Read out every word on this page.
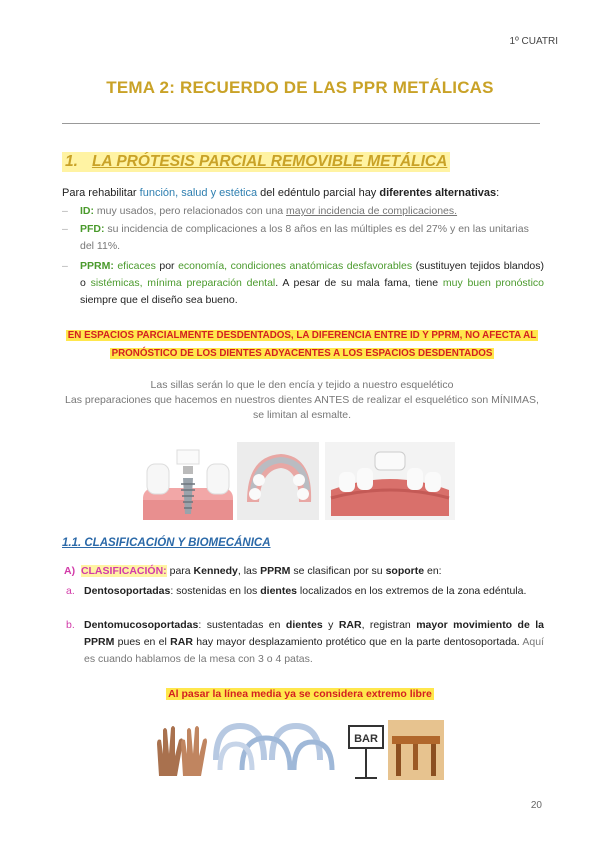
1º CUATRI
TEMA 2: RECUERDO DE LAS PPR METÁLICAS
1. LA PRÓTESIS PARCIAL REMOVIBLE METÁLICA
Para rehabilitar función, salud y estética del edéntulo parcial hay diferentes alternativas:
– ID: muy usados, pero relacionados con una mayor incidencia de complicaciones.
– PFD: su incidencia de complicaciones a los 8 años en las múltiples es del 27% y en las unitarias del 11%.
– PPRM: eficaces por economía, condiciones anatómicas desfavorables (sustituyen tejidos blandos) o sistémicas, mínima preparación dental. A pesar de su mala fama, tiene muy buen pronóstico siempre que el diseño sea bueno.
EN ESPACIOS PARCIALMENTE DESDENTADOS, LA DIFERENCIA ENTRE ID Y PPRM, NO AFECTA AL
PRONÓSTICO DE LOS DIENTES ADYACENTES A LOS ESPACIOS DESDENTADOS
Las sillas serán lo que le den encía y tejido a nuestro esquelético
Las preparaciones que hacemos en nuestros dientes ANTES de realizar el esquelético son MÍNIMAS, se limitan al esmalte.
1.1. CLASIFICACIÓN Y BIOMECÁNICA
A) CLASIFICACIÓN: para Kennedy, las PPRM se clasifican por su soporte en:
a. Dentosoportadas: sostenidas en los dientes localizados en los extremos de la zona edéntula.
b. Dentomucosoportadas: sustentadas en dientes y RAR, registran mayor movimiento de la PPRM pues en el RAR hay mayor desplazamiento protético que en la parte dentosoportada. Aquí es cuando hablamos de la mesa con 3 o 4 patas.
Al pasar la línea media ya se considera extremo libre
BAR
20
